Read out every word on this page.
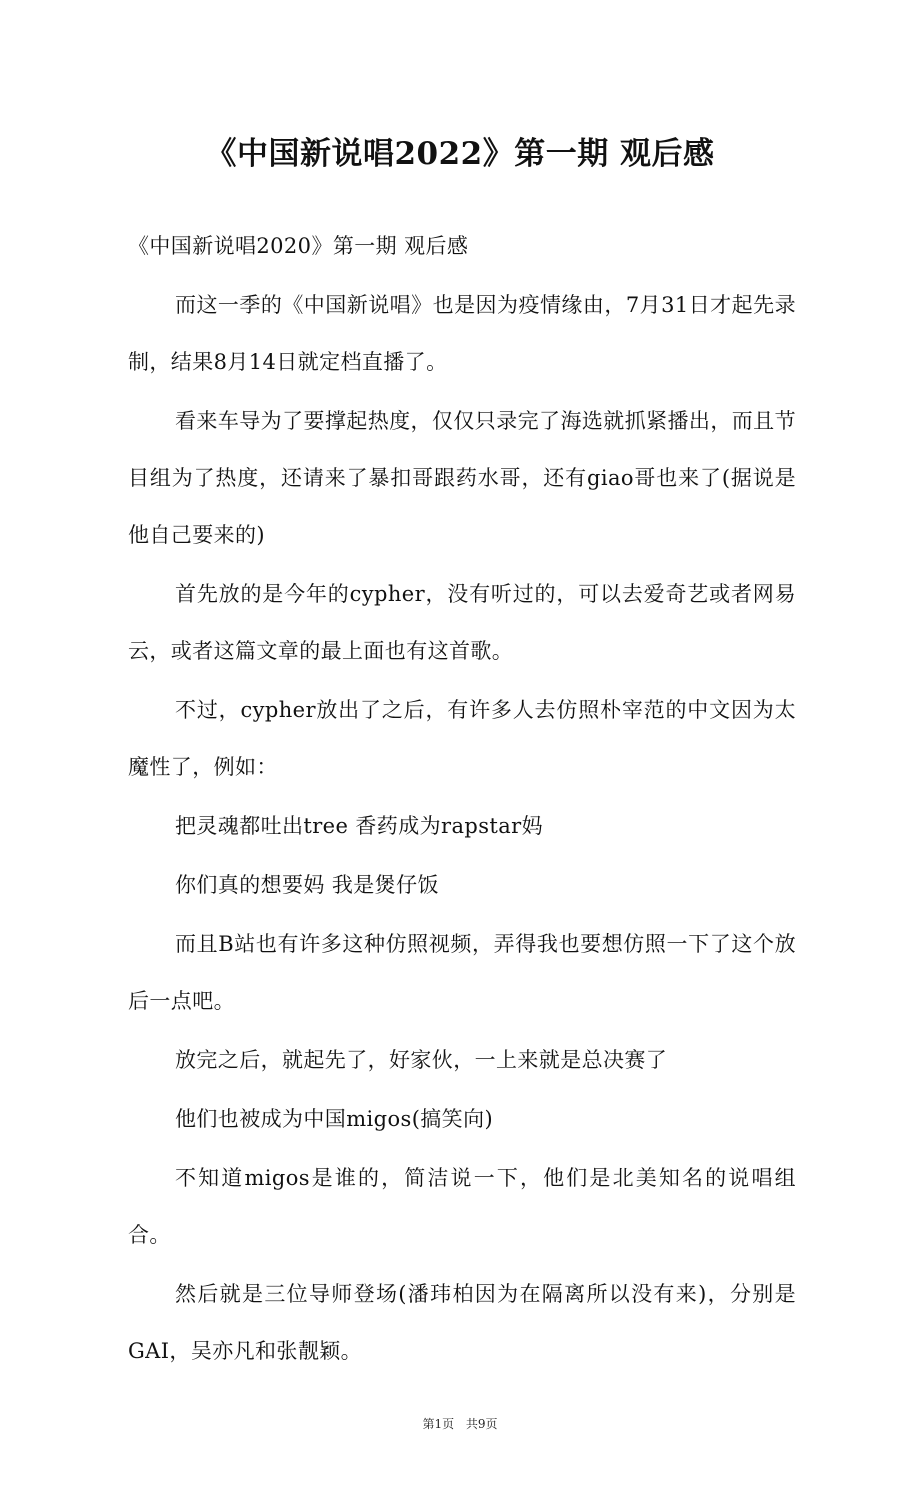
《中国新说唱2022》第一期 观后感

《中国新说唱2020》第一期 观后感

而这一季的《中国新说唱》也是因为疫情缘由，7月31日才起先录制，结果8月14日就定档直播了。

看来车导为了要撑起热度，仅仅只录完了海选就抓紧播出，而且节目组为了热度，还请来了暴扣哥跟药水哥，还有giao哥也来了(据说是他自己要来的)

首先放的是今年的cypher，没有听过的，可以去爱奇艺或者网易云，或者这篇文章的最上面也有这首歌。

不过，cypher放出了之后，有许多人去仿照朴宰范的中文因为太魔性了，例如：

把灵魂都吐出tree 香药成为rapstar妈

你们真的想要妈 我是煲仔饭

而且B站也有许多这种仿照视频，弄得我也要想仿照一下了这个放后一点吧。

放完之后，就起先了，好家伙，一上来就是总决赛了

他们也被成为中国migos(搞笑向)

不知道migos是谁的，简洁说一下，他们是北美知名的说唱组合。

然后就是三位导师登场(潘玮柏因为在隔离所以没有来)，分别是GAI，吴亦凡和张靓颖。

第1页 共9页
